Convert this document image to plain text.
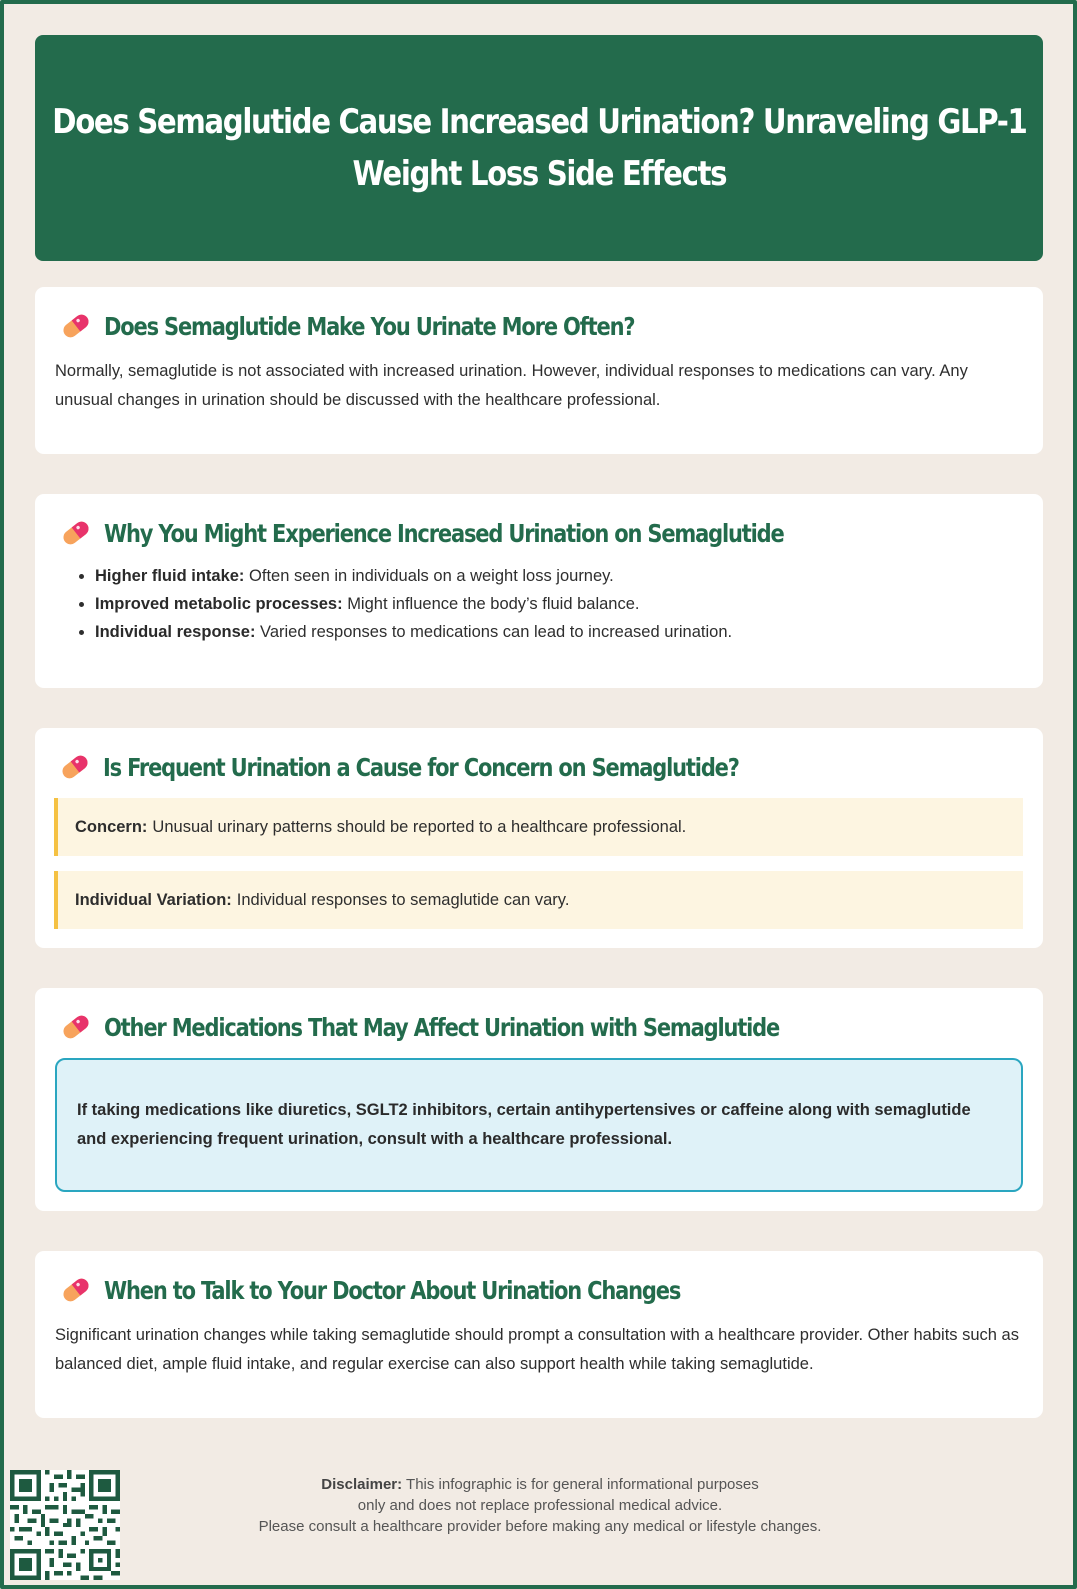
Does Semaglutide Cause Increased Urination? Unraveling GLP-1
Weight Loss Side Effects
Does Semaglutide Make You Urinate More Often?

Normally, semaglutide is not associated with increased urination. However, individual responses to medications can vary. Any unusual changes in urination should be discussed with the healthcare professional.

Why You Might Experience Increased Urination on Semaglutide
• Higher fluid intake: Often seen in individuals on a weight loss journey.
• Improved metabolic processes: Might influence the body’s fluid balance.
• Individual response: Varied responses to medications can lead to increased urination.
Is Frequent Urination a Cause for Concern on Semaglutide?
Concern: Unusual urinary patterns should be reported to a healthcare professional.
Individual Variation: Individual responses to semaglutide can vary.
Other Medications That May Affect Urination with Semaglutide
If taking medications like diuretics, SGLT2 inhibitors, certain antihypertensives or caffeine along with semaglutide and experiencing frequent urination, consult with a healthcare professional.
When to Talk to Your Doctor About Urination Changes

Significant urination changes while taking semaglutide should prompt a consultation with a healthcare provider. Other habits such as balanced diet, ample fluid intake, and regular exercise can also support health while taking semaglutide.

Disclaimer: This infographic is for general informational purposes
only and does not replace professional medical advice.
Please consult a healthcare provider before making any medical or lifestyle changes.
